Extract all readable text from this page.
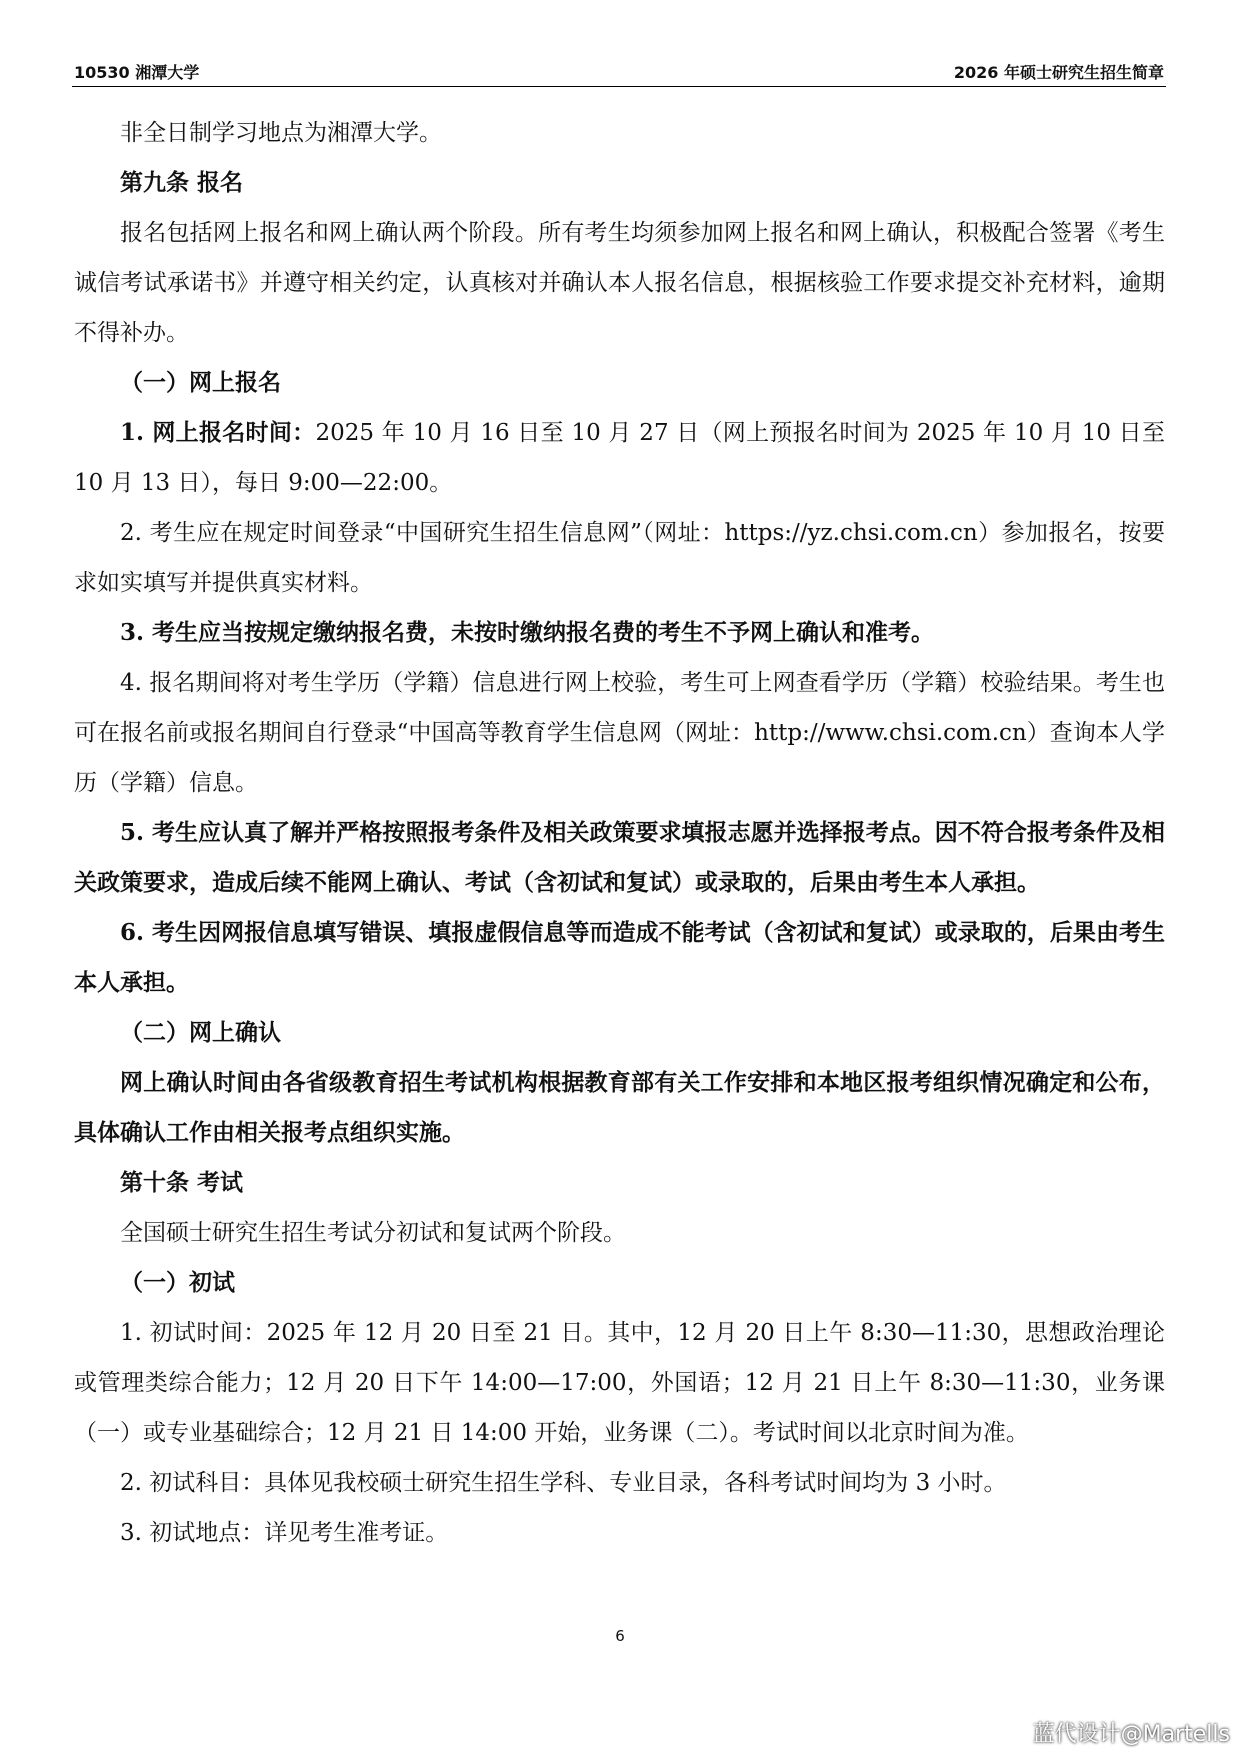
10530 湘潭大学	2026 年硕士研究生招生简章

非全日制学习地点为湘潭大学。

第九条 报名

报名包括网上报名和网上确认两个阶段。所有考生均须参加网上报名和网上确认，积极配合签署《考生诚信考试承诺书》并遵守相关约定，认真核对并确认本人报名信息，根据核验工作要求提交补充材料，逾期不得补办。

（一）网上报名

1. 网上报名时间：2025 年 10 月 16 日至 10 月 27 日（网上预报名时间为 2025 年 10 月 10 日至 10 月 13 日），每日 9:00—22:00。

2. 考生应在规定时间登录“中国研究生招生信息网”（网址：https://yz.chsi.com.cn）参加报名，按要求如实填写并提供真实材料。

3. 考生应当按规定缴纳报名费，未按时缴纳报名费的考生不予网上确认和准考。

4. 报名期间将对考生学历（学籍）信息进行网上校验，考生可上网查看学历（学籍）校验结果。考生也可在报名前或报名期间自行登录“中国高等教育学生信息网（网址：http://www.chsi.com.cn）查询本人学历（学籍）信息。

5. 考生应认真了解并严格按照报考条件及相关政策要求填报志愿并选择报考点。因不符合报考条件及相关政策要求，造成后续不能网上确认、考试（含初试和复试）或录取的，后果由考生本人承担。

6. 考生因网报信息填写错误、填报虚假信息等而造成不能考试（含初试和复试）或录取的，后果由考生本人承担。

（二）网上确认

网上确认时间由各省级教育招生考试机构根据教育部有关工作安排和本地区报考组织情况确定和公布，具体确认工作由相关报考点组织实施。

第十条 考试

全国硕士研究生招生考试分初试和复试两个阶段。

（一）初试

1. 初试时间：2025 年 12 月 20 日至 21 日。其中，12 月 20 日上午 8:30—11:30，思想政治理论或管理类综合能力；12 月 20 日下午 14:00—17:00，外国语；12 月 21 日上午 8:30—11:30，业务课（一）或专业基础综合；12 月 21 日 14:00 开始，业务课（二）。考试时间以北京时间为准。

2. 初试科目：具体见我校硕士研究生招生学科、专业目录，各科考试时间均为 3 小时。

3. 初试地点：详见考生准考证。

6
蓝代设计@Martells
